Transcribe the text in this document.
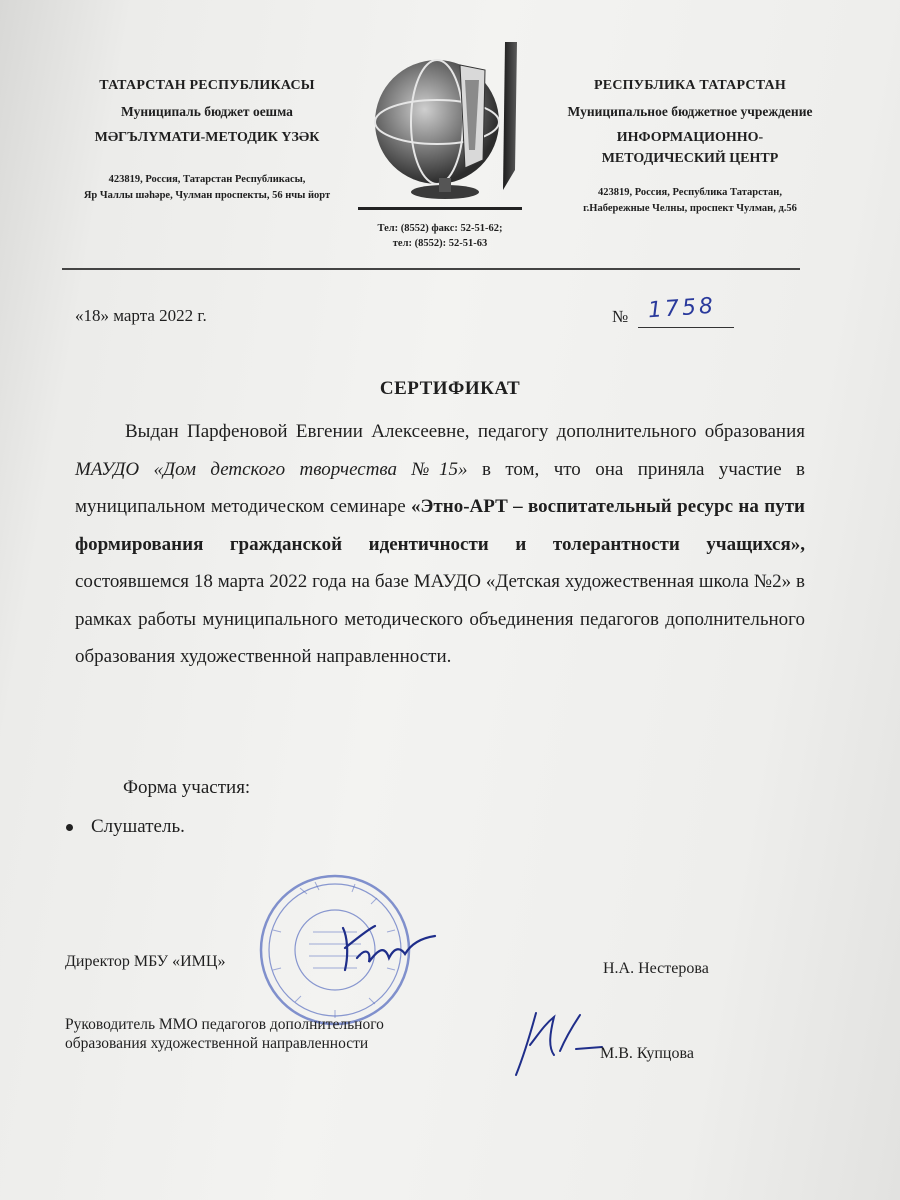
ТАТАРСТАН РЕСПУБЛИКАСЫ
Муниципаль бюджет оешма
МӘГЪЛҮМАТИ-МЕТОДИК ҮЗӘК
423819, Россия, Татарстан Республикасы,
Яр Чаллы шәһәре, Чулман проспекты, 56 нчы йорт
Тел: (8552) факс: 52-51-62;
тел: (8552): 52-51-63
РЕСПУБЛИКА ТАТАРСТАН
Муниципальное бюджетное учреждение
ИНФОРМАЦИОННО-
МЕТОДИЧЕСКИЙ ЦЕНТР
423819, Россия, Республика Татарстан,
г.Набережные Челны, проспект Чулман, д.56
«18» марта 2022 г.	№ 1758
СЕРТИФИКАТ
Выдан Парфеновой Евгении Алексеевне, педагогу дополнительного образования МАУДО «Дом детского творчества №15» в том, что она приняла участие в муниципальном методическом семинаре «Этно-АРТ – воспитательный ресурс на пути формирования гражданской идентичности и толерантности учащихся», состоявшемся 18 марта 2022 года на базе МАУДО «Детская художественная школа №2» в рамках работы муниципального методического объединения педагогов дополнительного образования художественной направленности.
Форма участия:
Слушатель.
Директор МБУ «ИМЦ»	Н.А. Нестерова
Руководитель ММО педагогов дополнительного
образования художественной направленности
М.В. Купцова
